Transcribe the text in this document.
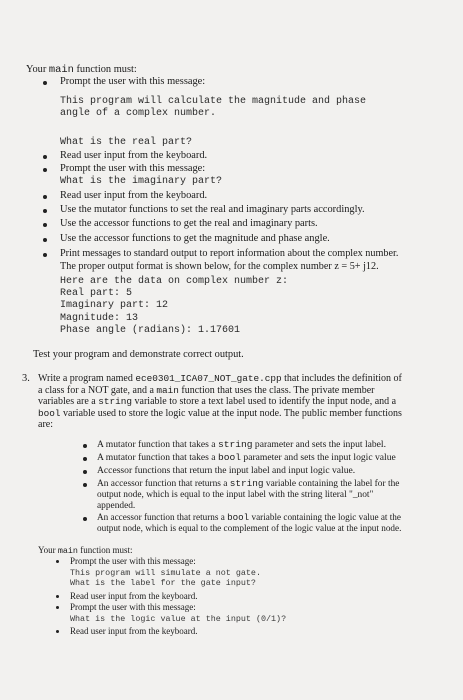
Your main function must:
Prompt the user with this message:

This program will calculate the magnitude and phase

angle of a complex number.

What is the real part?
Read user input from the keyboard.
Prompt the user with this message:
What is the imaginary part?
Read user input from the keyboard.
Use the mutator functions to set the real and imaginary parts accordingly.
Use the accessor functions to get the real and imaginary parts.
Use the accessor functions to get the magnitude and phase angle.
Print messages to standard output to report information about the complex number.
The proper output format is shown below, for the complex number z = 5+ j12.

Here are the data on complex number z:

Real part: 5

Imaginary part: 12

Magnitude: 13

Phase angle (radians): 1.17601

Test your program and demonstrate correct output.
3. Write a program named ece0301_ICA07_NOT_gate.cpp that includes the definition of

a class for a NOT gate, and a main function that uses the class. The private member

variables are a string variable to store a text label used to identify the input node, and a

bool variable used to store the logic value at the input node. The public member functions

are:

A mutator function that takes a string parameter and sets the input label.
A mutator function that takes a bool parameter and sets the input logic value
Accessor functions that return the input label and input logic value.

An accessor function that returns a string variable containing the label for the

output node, which is equal to the input label with the string literal "_not"

appended.

An accessor function that returns a bool variable containing the logic value at the

output node, which is equal to the complement of the logic value at the input node.

Your main function must:
Prompt the user with this message:

This program will simulate a not gate.

What is the label for the gate input?

Read user input from the keyboard.
Prompt the user with this message:
What is the logic value at the input (0/1)?
Read user input from the keyboard.
